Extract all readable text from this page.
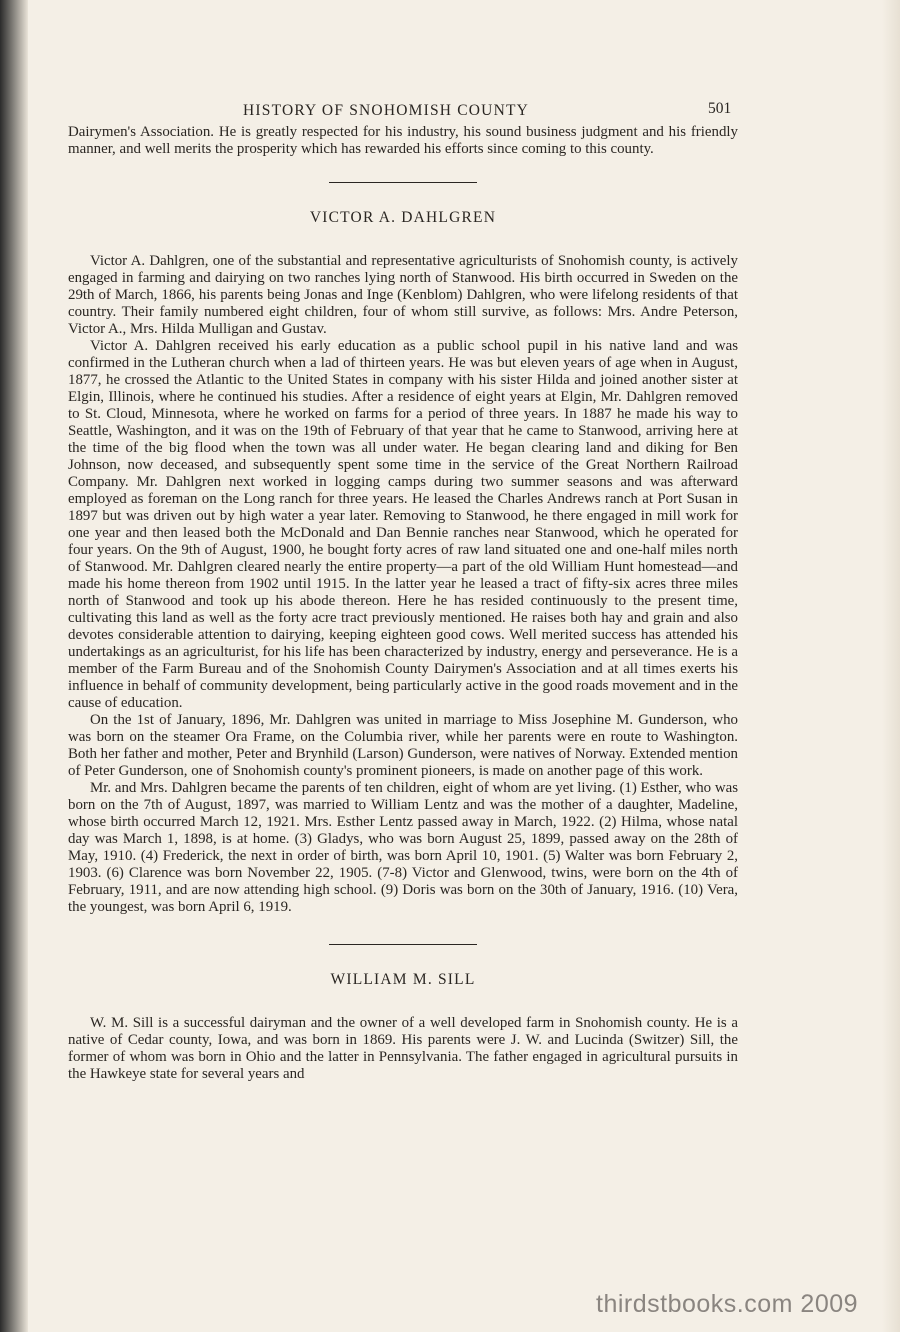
HISTORY OF SNOHOMISH COUNTY	501

Dairymen's Association. He is greatly respected for his industry, his sound business judgment and his friendly manner, and well merits the prosperity which has rewarded his efforts since coming to this county.

VICTOR A. DAHLGREN

Victor A. Dahlgren, one of the substantial and representative agriculturists of Snohomish county, is actively engaged in farming and dairying on two ranches lying north of Stanwood. His birth occurred in Sweden on the 29th of March, 1866, his parents being Jonas and Inge (Kenblom) Dahlgren, who were lifelong residents of that country. Their family numbered eight children, four of whom still survive, as follows: Mrs. Andre Peterson, Victor A., Mrs. Hilda Mulligan and Gustav.

Victor A. Dahlgren received his early education as a public school pupil in his native land and was confirmed in the Lutheran church when a lad of thirteen years. He was but eleven years of age when in August, 1877, he crossed the Atlantic to the United States in company with his sister Hilda and joined another sister at Elgin, Illinois, where he continued his studies. After a residence of eight years at Elgin, Mr. Dahlgren removed to St. Cloud, Minnesota, where he worked on farms for a period of three years. In 1887 he made his way to Seattle, Washington, and it was on the 19th of February of that year that he came to Stanwood, arriving here at the time of the big flood when the town was all under water. He began clearing land and diking for Ben Johnson, now deceased, and subsequently spent some time in the service of the Great Northern Railroad Company. Mr. Dahlgren next worked in logging camps during two summer seasons and was afterward employed as foreman on the Long ranch for three years. He leased the Charles Andrews ranch at Port Susan in 1897 but was driven out by high water a year later. Removing to Stanwood, he there engaged in mill work for one year and then leased both the McDonald and Dan Bennie ranches near Stanwood, which he operated for four years. On the 9th of August, 1900, he bought forty acres of raw land situated one and one-half miles north of Stanwood. Mr. Dahlgren cleared nearly the entire property—a part of the old William Hunt homestead—and made his home thereon from 1902 until 1915. In the latter year he leased a tract of fifty-six acres three miles north of Stanwood and took up his abode thereon. Here he has resided continuously to the present time, cultivating this land as well as the forty acre tract previously mentioned. He raises both hay and grain and also devotes considerable attention to dairying, keeping eighteen good cows. Well merited success has attended his undertakings as an agriculturist, for his life has been characterized by industry, energy and perseverance. He is a member of the Farm Bureau and of the Snohomish County Dairymen's Association and at all times exerts his influence in behalf of community development, being particularly active in the good roads movement and in the cause of education.

On the 1st of January, 1896, Mr. Dahlgren was united in marriage to Miss Josephine M. Gunderson, who was born on the steamer Ora Frame, on the Columbia river, while her parents were en route to Washington. Both her father and mother, Peter and Brynhild (Larson) Gunderson, were natives of Norway. Extended mention of Peter Gunderson, one of Snohomish county's prominent pioneers, is made on another page of this work.

Mr. and Mrs. Dahlgren became the parents of ten children, eight of whom are yet living. (1) Esther, who was born on the 7th of August, 1897, was married to William Lentz and was the mother of a daughter, Madeline, whose birth occurred March 12, 1921. Mrs. Esther Lentz passed away in March, 1922. (2) Hilma, whose natal day was March 1, 1898, is at home. (3) Gladys, who was born August 25, 1899, passed away on the 28th of May, 1910. (4) Frederick, the next in order of birth, was born April 10, 1901. (5) Walter was born February 2, 1903. (6) Clarence was born November 22, 1905. (7-8) Victor and Glenwood, twins, were born on the 4th of February, 1911, and are now attending high school. (9) Doris was born on the 30th of January, 1916. (10) Vera, the youngest, was born April 6, 1919.

WILLIAM M. SILL

W. M. Sill is a successful dairyman and the owner of a well developed farm in Snohomish county. He is a native of Cedar county, Iowa, and was born in 1869. His parents were J. W. and Lucinda (Switzer) Sill, the former of whom was born in Ohio and the latter in Pennsylvania. The father engaged in agricultural pursuits in the Hawkeye state for several years and

thirdstbooks.com 2009
